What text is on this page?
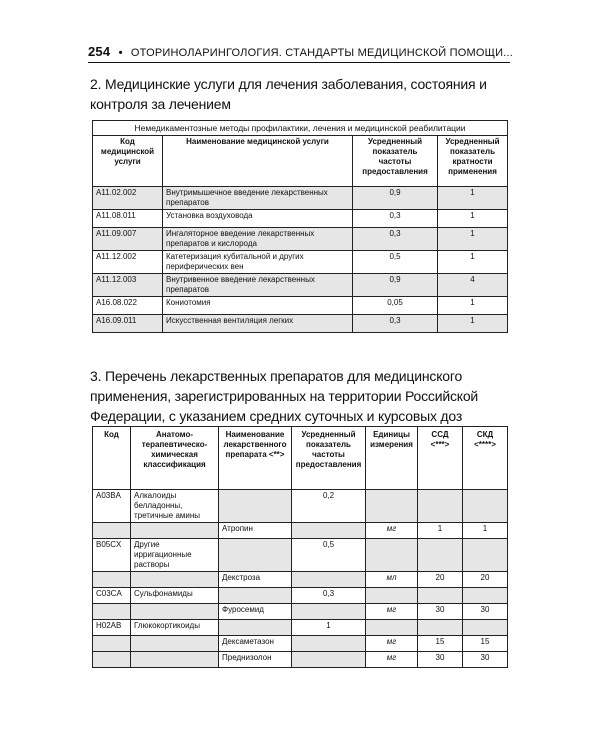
254 • ОТОРИНОЛАРИНГОЛОГИЯ. СТАНДАРТЫ МЕДИЦИНСКОЙ ПОМОЩИ...
2. Медицинские услуги для лечения заболевания, состояния и контроля за лечением
Немедикаментозные методы профилактики, лечения и медицинской реабилитации			
Код медицинской услуги	Наименование медицинской услуги	Усредненный показатель частоты предоставления	Усредненный показатель кратности применения
A11.02.002	Внутримышечное введение лекарственных препаратов	0,9	1
A11.08.011	Установка воздуховода	0,3	1
A11.09.007	Ингаляторное введение лекарственных препаратов и кислорода	0,3	1
A11.12.002	Катетеризация кубитальной и других периферических вен	0,5	1
A11.12.003	Внутривенное введение лекарственных препаратов	0,9	4
A16.08.022	Кониотомия	0,05	1
A16.09.011	Искусственная вентиляция легких	0,3	1
3. Перечень лекарственных препаратов для медицинского применения, зарегистрированных на территории Российской Федерации, с указанием средних суточных и курсовых доз
Код	Анатомо-терапевтическо-химическая классификация	Наименование лекарственного препарата <**>	Усредненный показатель частоты предоставления	Единицы измерения	ССД <***>	СКД <****>
A03BA	Алкалоиды белладонны, третичные амины		0,2			
		Атропин		мг	1	1
B05CX	Другие ирригационные растворы		0,5			
		Декстроза		мл	20	20
C03CA	Сульфонамиды		0,3			
		Фуросемид		мг	30	30
H02AB	Глюкокортикоиды		1			
		Дексаметазон		мг	15	15
		Преднизолон		мг	30	30
